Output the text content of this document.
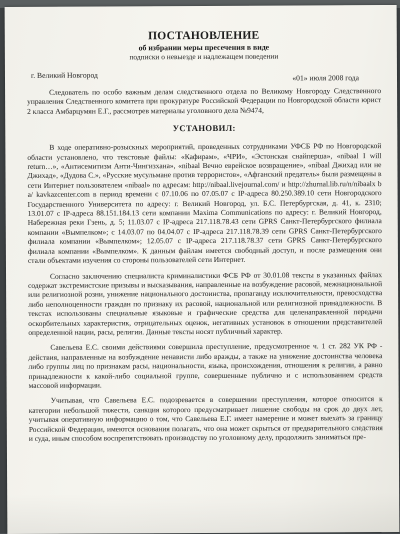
ПОСТАНОВЛЕНИЕ
об избрании меры пресечения в виде
подписки о невыезде и надлежащем поведении
г. Великий Новгород	«01» июля 2008 года

Следователь по особо важным делам следственного отдела по Великому Новгороду Следственного управления Следственного комитета при прокуратуре Российской Федерации по Новгородской области юрист 2 класса Амбарцумян Е.Г., рассмотрев материалы уголовного дела №9474,

УСТАНОВИЛ:

В ходе оперативно-розыскных мероприятий, проведенных сотрудниками УФСБ РФ по Новгородской области установлено, что текстовые файлы: «Кафирам», «ЧРИ», «Эстонская снайперша», «nibaal I will return…», «Антисемитизм Анти-Чингизхана», «nibaal Вечно еврейское возвращение», «nibaal Джихад или не Джихад», «Дудова С.», «Русские мусульмане против террористов», «Афганский предатель» были размещены в сети Интернет пользователем «nibaal» по адресам: http://nibaal.livejournal.com/ и http://zhurnal.lib.ru/n/nibaalx b a/ kavkazcenter.com в период времени с 07.10.06 по 07.05.07 с IP-адреса 80.250.389.10 сети Новгородского Государственного Университета по адресу: г. Великий Новгород, ул. Б.С. Петербургская, д. 41, к. 2310; 13.01.07 с IP-адреса 88.151.184.13 сети компании Maxima Communications по адресу: г. Великий Новгород, Набережная реки Гзень, д. 5; 11.03.07 с IP-адреса 217.118.78.43 сети GPRS Санкт-Петербургского филиала компании «Вымпелком»; с 14.03.07 по 04.04.07 с IP-адреса 217.118.78.39 сети GPRS Санкт-Петербургского филиала компании «Вымпелком»; 12.05.07 с IP-адреса 217.118.78.37 сети GPRS Санкт-Петербургского филиала компании «Вымпелком». К данным файлам имеется свободный доступ, и после размещения они стали объектами изучения со стороны пользователей сети Интернет.

Согласно заключению специалиста криминалистики ФСБ РФ от 30.01.08 тексты в указанных файлах содержат экстремистские призывы и высказывания, направленные на возбуждение расовой, межнациональной или религиозной розни, унижение национального достоинства, пропаганду исключительности, превосходства либо неполноценности граждан по признаку их расовой, национальной или религиозной принадлежности. В текстах использованы специальные языковые и графические средства для целенаправленной передачи оскорбительных характеристик, отрицательных оценок, негативных установок в отношении представителей определенной нации, расы, религии. Данные тексты носят публичный характер.

Савельева Е.С. своими действиями совершила преступление, предусмотренное ч. 1 ст. 282 УК РФ - действия, направленные на возбуждение ненависти либо вражды, а также на унижение достоинства человека либо группы лиц по признакам расы, национальности, языка, происхождения, отношения к религии, а равно принадлежности к какой-либо социальной группе, совершенные публично и с использованием средств массовой информации.

Учитывая, что Савельева Е.С. подозревается в совершении преступления, которое относится к категории небольшой тяжести, санкция которого предусматривает лишение свободы на срок до двух лет, учитывая оперативную информацию о том, что Савельева Е.Г. имеет намерение и может выехать за границу Российской Федерации, имеются основания полагать, что она может скрыться от предварительного следствия и суда, иным способом воспрепятствовать производству по уголовному делу, продолжить заниматься пре-
